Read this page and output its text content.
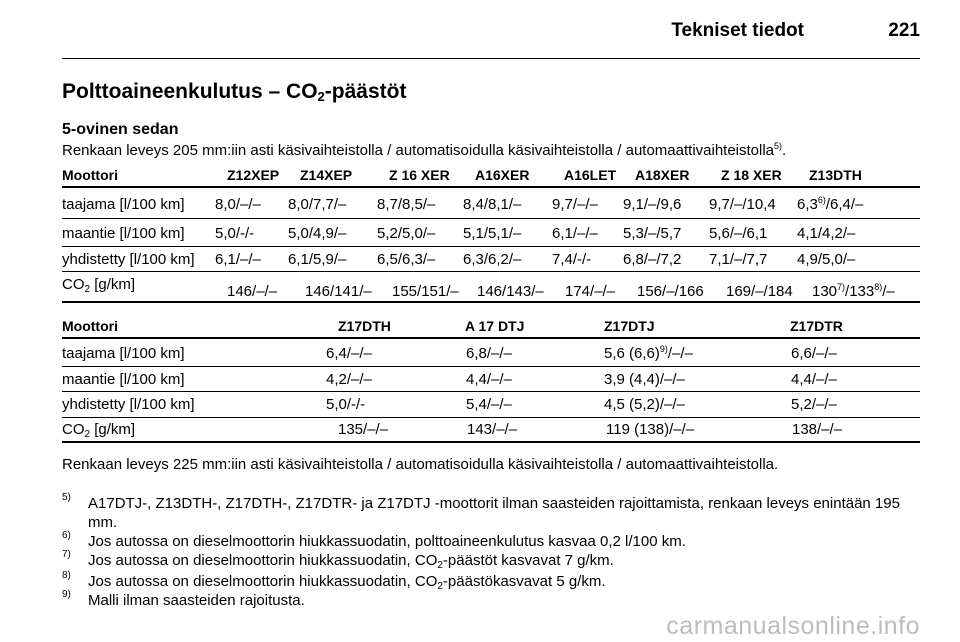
Tekniset tiedot	221
Polttoaineenkulutus – $CO_2$-päästöt
5-ovinen sedan
Renkaan leveys 205 mm:iin asti käsivaihteistolla / automatisoidulla käsivaihteistolla / automaattivaihteistolla$^{5)}$.
Moottori	Z12XEP Z14XEP	Z 16 XER A16XER A16LET A18XER Z 18 XER Z13DTH
taajama [l/100 km] 8,0/–/– 8,0/7,7/– 8,7/8,5/– 8,4/8,1/– 9,7/–/– 9,1/–/9,6 9,7/–/10,4 6,3$^{6)}$/6,4/–
maantie [l/100 km] 5,0/-/- 5,0/4,9/– 5,2/5,0/– 5,1/5,1/– 6,1/–/– 5,3/–/5,7 5,6/–/6,1 4,1/4,2/–
yhdistetty [l/100 km] 6,1/–/– 6,1/5,9/– 6,5/6,3/– 6,3/6,2/– 7,4/-/- 6,8/–/7,2 7,1/–/7,7 4,9/5,0/–
$CO_2$ [g/km]	146/–/– 146/141/– 155/151/– 146/143/– 174/–/– 156/–/166 169/–/184 130$^{7)}$/133$^{8)}$/–
Moottori	Z17DTH	A 17 DTJ	Z17DTJ	Z17DTR
taajama [l/100 km]	6,4/–/–	6,8/–/–	5,6 $(6,6)^{9)}/-/-$	6,6/–/–
maantie [l/100 km]	4,2/–/–	4,4/–/–	3,9 (4,4)/–/–	4,4/–/–
yhdistetty [l/100 km]	5,0/-/-	5,4/–/–	4,5 (5,2)/–/–	5,2/–/–
$CO_2$ [g/km]	135/–/–	143/–/–	119 (138)/–/–	138/–/–
Renkaan leveys 225 mm:iin asti käsivaihteistolla / automatisoidulla käsivaihteistolla / automaattivaihteistolla.
5) A17DTJ-, Z13DTH-, Z17DTH-, Z17DTR- ja Z17DTJ -moottorit ilman saasteiden rajoittamista, renkaan leveys enintään 195 mm.
6) Jos autossa on dieselmoottorin hiukkassuodatin, polttoaineenkulutus kasvaa 0,2 l/100 km.
7) Jos autossa on dieselmoottorin hiukkassuodatin, $CO_2$-päästöt kasvavat 7 g/km.
8) Jos autossa on dieselmoottorin hiukkassuodatin, $CO_2$-päästökasvavat 5 g/km.
9) Malli ilman saasteiden rajoitusta.
carmanualsonline.info
